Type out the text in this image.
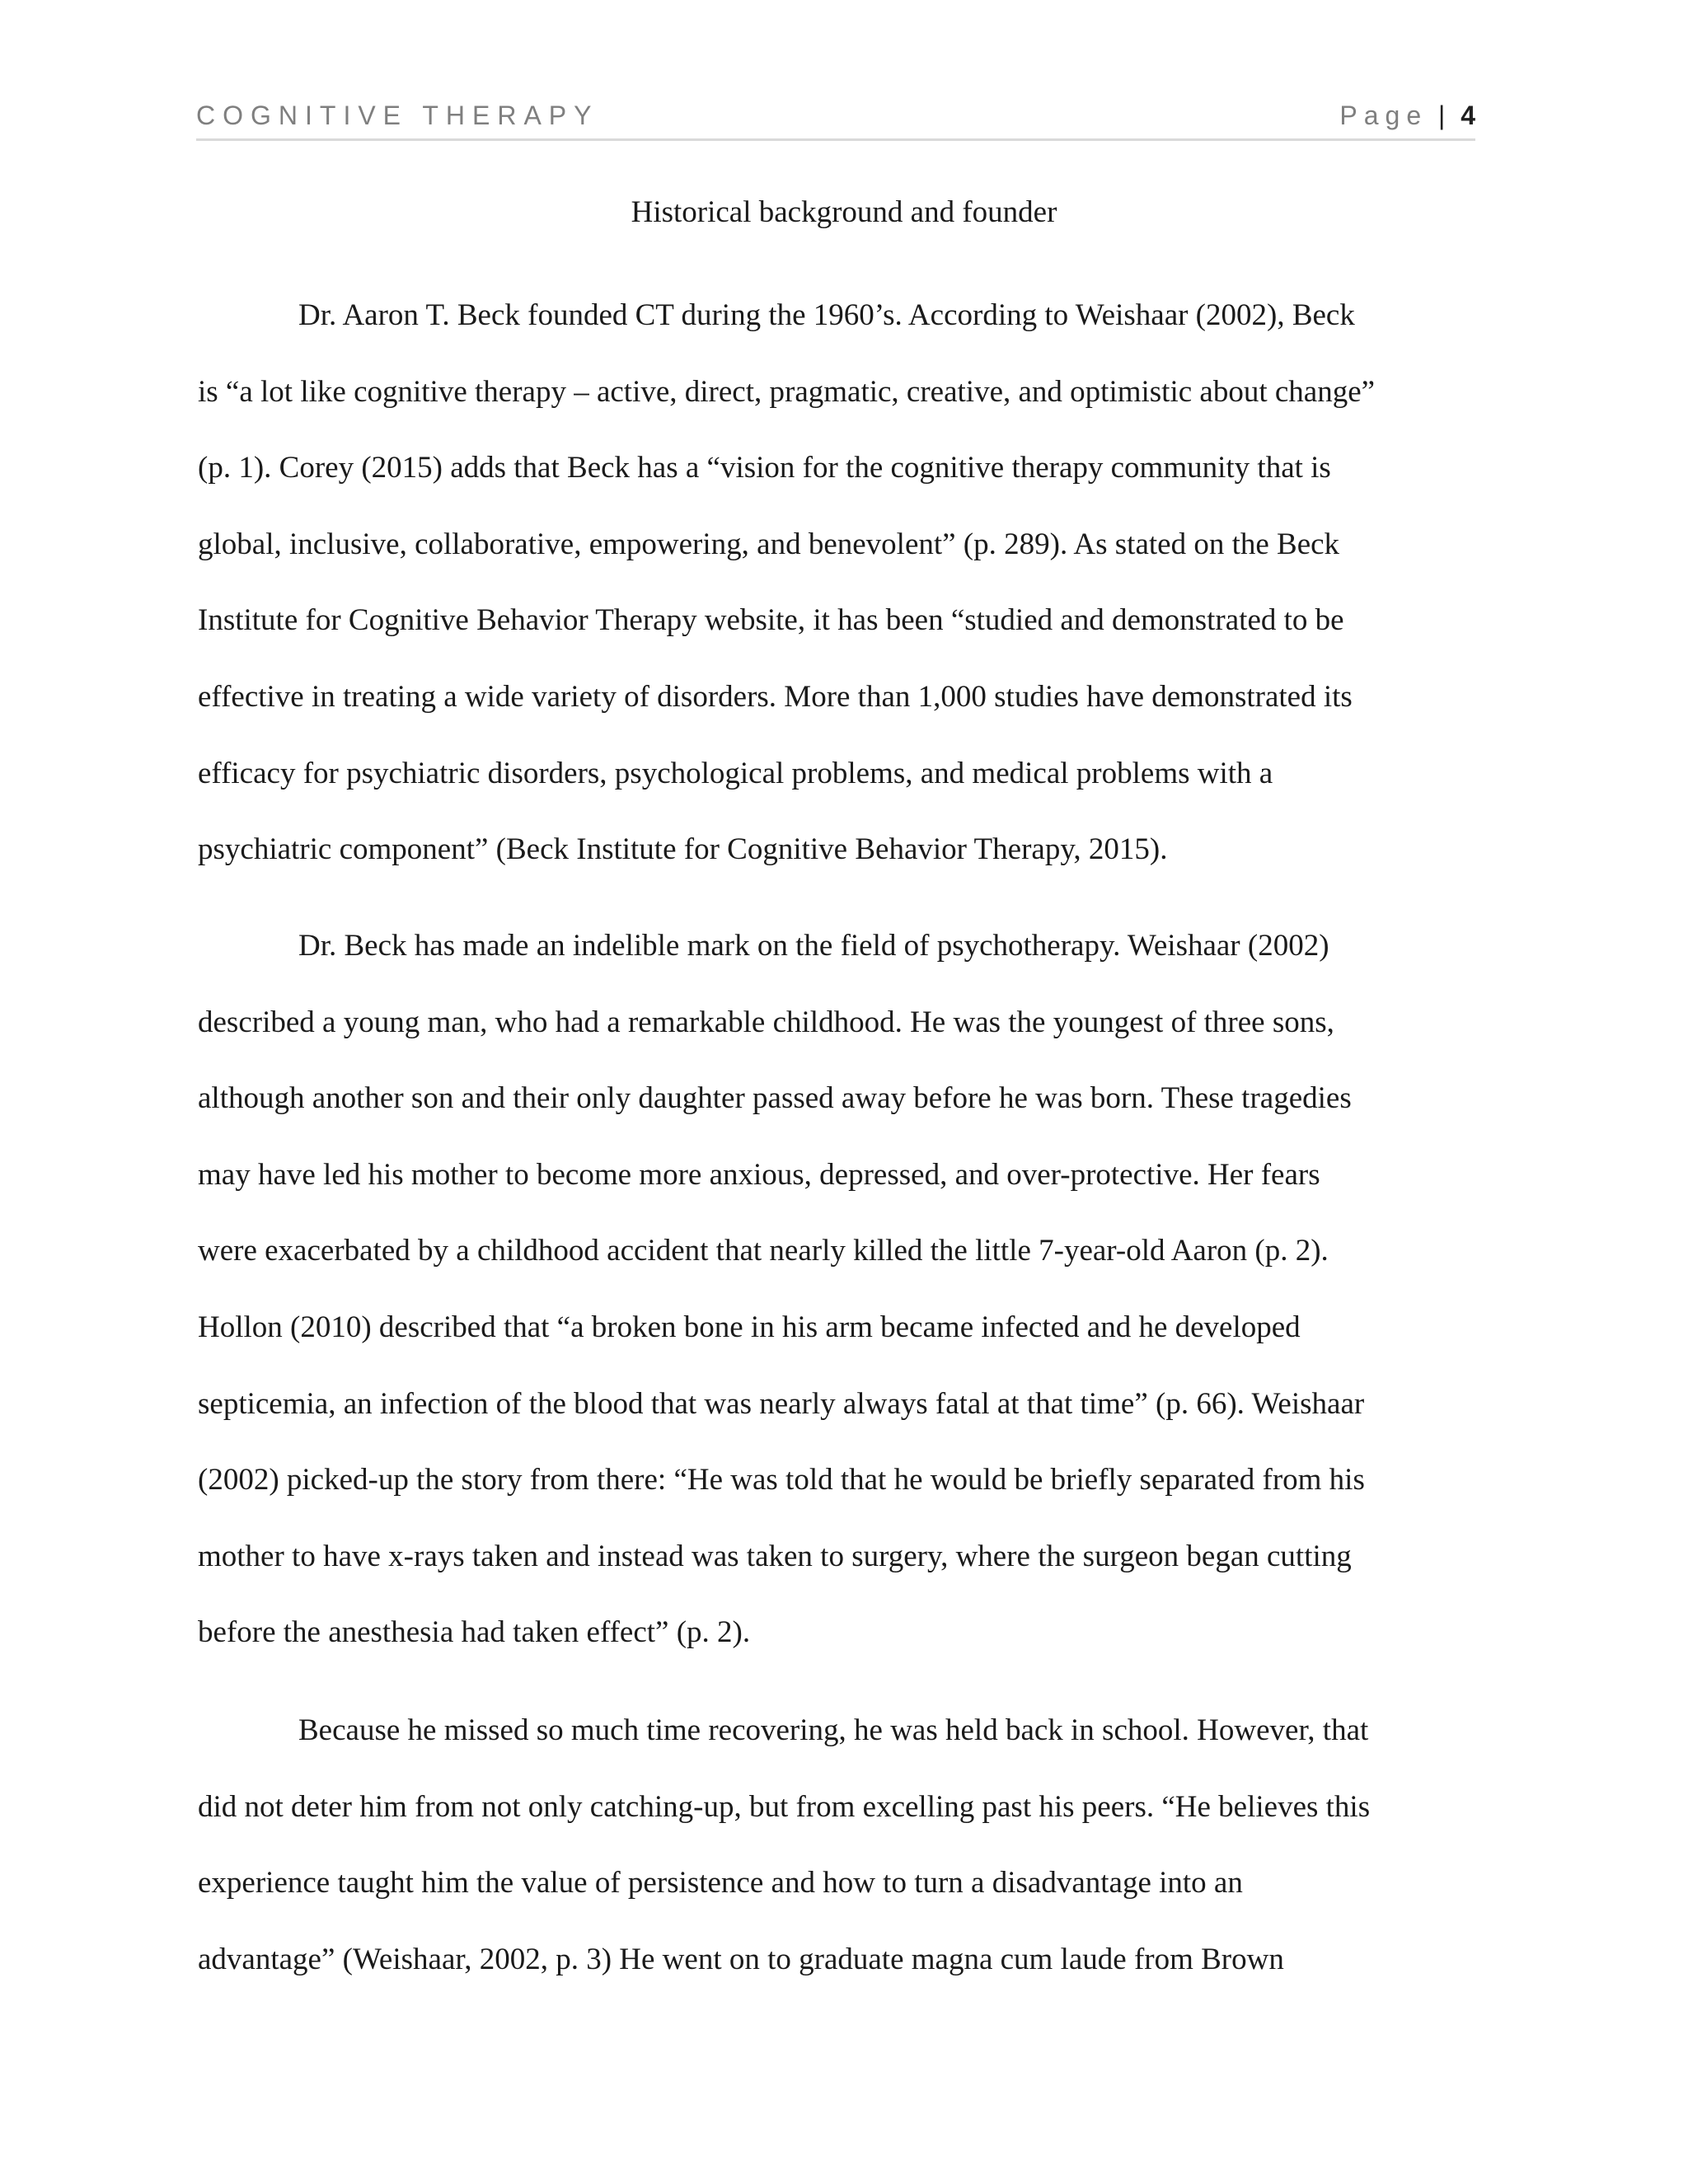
COGNITIVE THERAPY	Page | 4
Historical background and founder
Dr. Aaron T. Beck founded CT during the 1960’s. According to Weishaar (2002), Beck
is “a lot like cognitive therapy – active, direct, pragmatic, creative, and optimistic about change”
(p. 1). Corey (2015) adds that Beck has a “vision for the cognitive therapy community that is
global, inclusive, collaborative, empowering, and benevolent” (p. 289). As stated on the Beck
Institute for Cognitive Behavior Therapy website, it has been “studied and demonstrated to be
effective in treating a wide variety of disorders. More than 1,000 studies have demonstrated its
efficacy for psychiatric disorders, psychological problems, and medical problems with a
psychiatric component” (Beck Institute for Cognitive Behavior Therapy, 2015).
Dr. Beck has made an indelible mark on the field of psychotherapy. Weishaar (2002)
described a young man, who had a remarkable childhood. He was the youngest of three sons,
although another son and their only daughter passed away before he was born. These tragedies
may have led his mother to become more anxious, depressed, and over-protective. Her fears
were exacerbated by a childhood accident that nearly killed the little 7-year-old Aaron (p. 2).
Hollon (2010) described that “a broken bone in his arm became infected and he developed
septicemia, an infection of the blood that was nearly always fatal at that time” (p. 66). Weishaar
(2002) picked-up the story from there: “He was told that he would be briefly separated from his
mother to have x-rays taken and instead was taken to surgery, where the surgeon began cutting
before the anesthesia had taken effect” (p. 2).
Because he missed so much time recovering, he was held back in school. However, that
did not deter him from not only catching-up, but from excelling past his peers. “He believes this
experience taught him the value of persistence and how to turn a disadvantage into an
advantage” (Weishaar, 2002, p. 3) He went on to graduate magna cum laude from Brown
